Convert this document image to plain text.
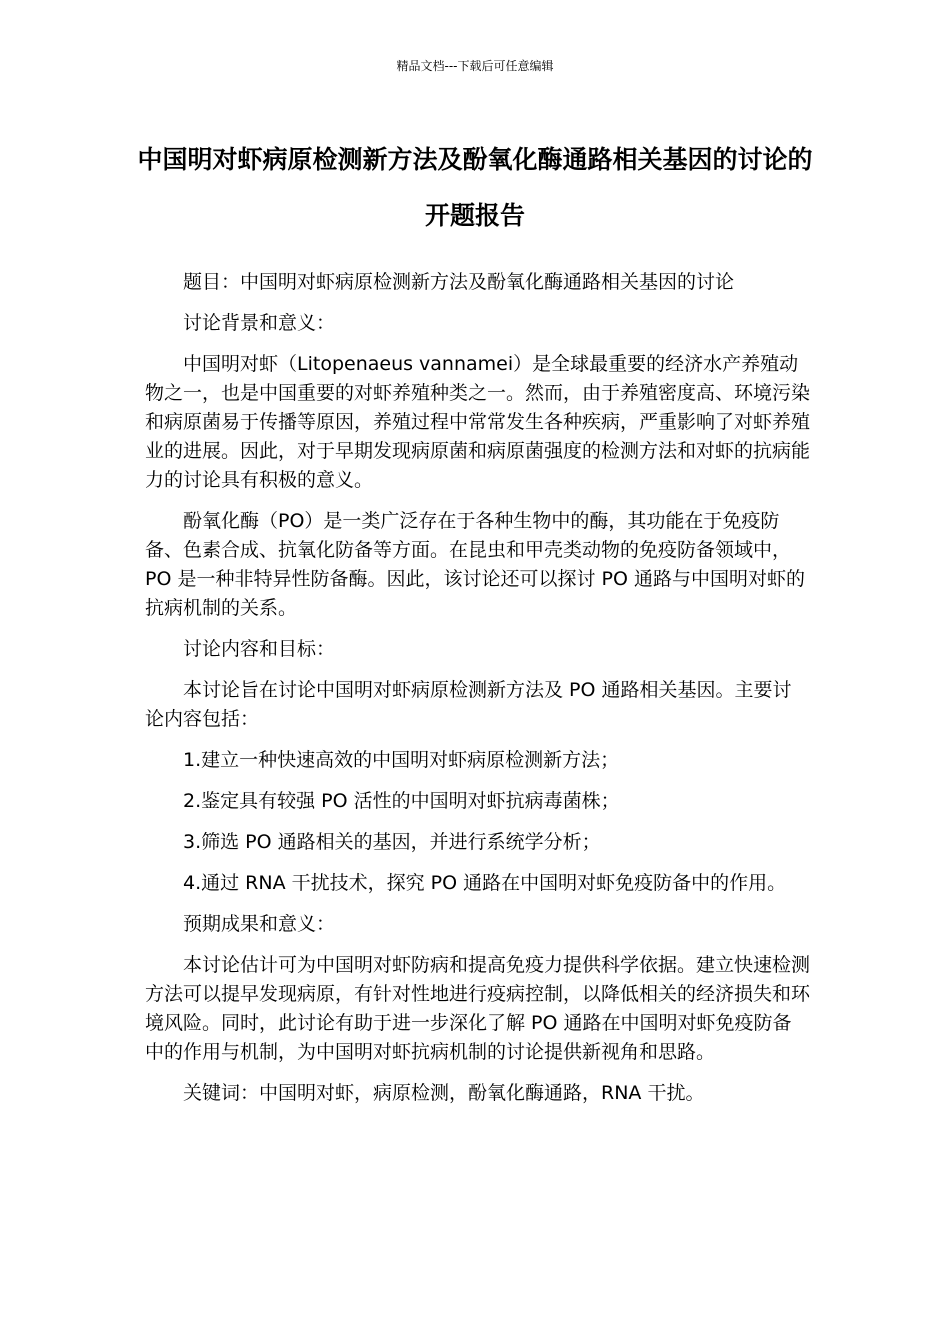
精品文档---下载后可任意编辑
中国明对虾病原检测新方法及酚氧化酶通路相关基因的讨论的开题报告

题目：中国明对虾病原检测新方法及酚氧化酶通路相关基因的讨论

讨论背景和意义：

中国明对虾（Litopenaeus vannamei）是全球最重要的经济水产养殖动物之一，也是中国重要的对虾养殖种类之一。然而，由于养殖密度高、环境污染和病原菌易于传播等原因，养殖过程中常常发生各种疾病，严重影响了对虾养殖业的进展。因此，对于早期发现病原菌和病原菌强度的检测方法和对虾的抗病能力的讨论具有积极的意义。

酚氧化酶（PO）是一类广泛存在于各种生物中的酶，其功能在于免疫防备、色素合成、抗氧化防备等方面。在昆虫和甲壳类动物的免疫防备领域中，PO 是一种非特异性防备酶。因此，该讨论还可以探讨 PO 通路与中国明对虾的抗病机制的关系。

讨论内容和目标：

本讨论旨在讨论中国明对虾病原检测新方法及 PO 通路相关基因。主要讨论内容包括：

1.建立一种快速高效的中国明对虾病原检测新方法；

2.鉴定具有较强 PO 活性的中国明对虾抗病毒菌株；

3.筛选 PO 通路相关的基因，并进行系统学分析；

4.通过 RNA 干扰技术，探究 PO 通路在中国明对虾免疫防备中的作用。

预期成果和意义：

本讨论估计可为中国明对虾防病和提高免疫力提供科学依据。建立快速检测方法可以提早发现病原，有针对性地进行疫病控制，以降低相关的经济损失和环境风险。同时，此讨论有助于进一步深化了解 PO 通路在中国明对虾免疫防备中的作用与机制，为中国明对虾抗病机制的讨论提供新视角和思路。

关键词：中国明对虾，病原检测，酚氧化酶通路，RNA 干扰。
